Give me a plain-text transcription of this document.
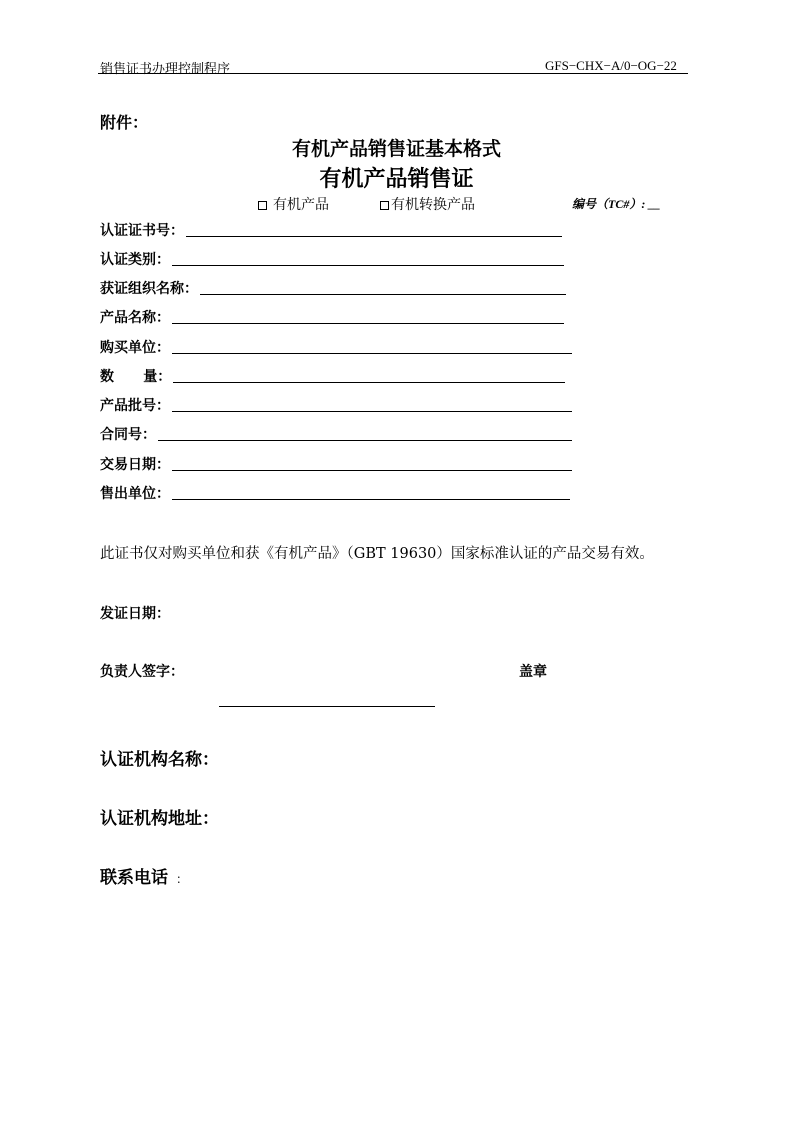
销售证书办理控制程序	GFS−CHX−A/0−OG−22
附件：
有机产品销售证基本格式
有机产品销售证
有机产品	有机转换产品	编号（TC#）: __
认证证书号：
认证类别：
获证组织名称：
产品名称：
购买单位：
数      量：
产品批号：
合同号：
交易日期：
售出单位：
此证书仅对购买单位和获《有机产品》（GBT 19630）国家标准认证的产品交易有效。
发证日期：
负责人签字：	盖章
认证机构名称：
认证机构地址：
联系电话 ：
